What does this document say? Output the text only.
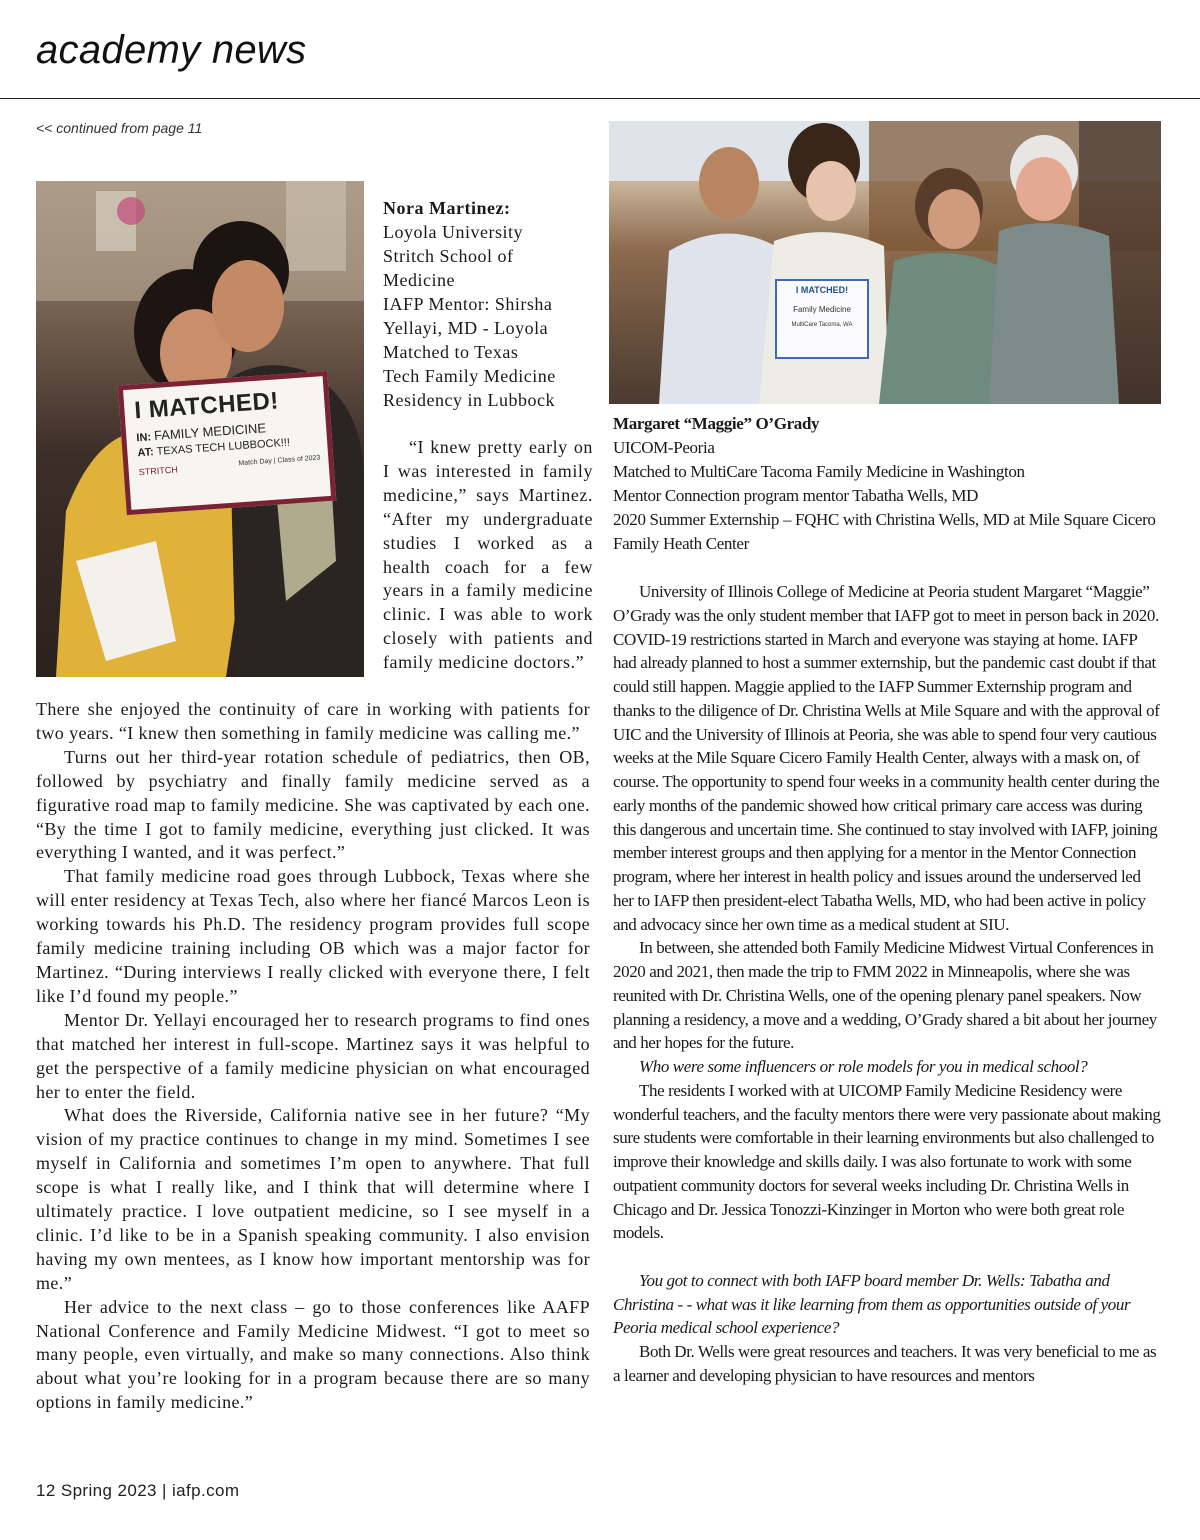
academy news
<< continued from page 11
I MATCHED!
IN: FAMILY MEDICINE
AT: TEXAS TECH LUBBOCK!!!
STRITCH
Match Day | Class of 2023
Nora Martinez:
Loyola University
Stritch School of
Medicine
IAFP Mentor: Shirsha
Yellayi, MD - Loyola
Matched to Texas
Tech Family Medicine
Residency in Lubbock

“I knew pretty early on I was interested in family medicine,” says Martinez. “After my undergraduate studies I worked as a health coach for a few years in a family medicine clinic. I was able to work closely with patients and family medicine doctors.”

There she enjoyed the continuity of care in working with patients for two years. “I knew then something in family medicine was calling me.”

Turns out her third-year rotation schedule of pediatrics, then OB, followed by psychiatry and finally family medicine served as a figurative road map to family medicine. She was captivated by each one. “By the time I got to family medicine, everything just clicked. It was everything I wanted, and it was perfect.”

That family medicine road goes through Lubbock, Texas where she will enter residency at Texas Tech, also where her fiancé Marcos Leon is working towards his Ph.D. The residency program provides full scope family medicine training including OB which was a major factor for Martinez. “During interviews I really clicked with everyone there, I felt like I’d found my people.”

Mentor Dr. Yellayi encouraged her to research programs to find ones that matched her interest in full-scope. Martinez says it was helpful to get the perspective of a family medicine physician on what encouraged her to enter the field.

What does the Riverside, California native see in her future? “My vision of my practice continues to change in my mind. Sometimes I see myself in California and sometimes I’m open to anywhere. That full scope is what I really like, and I think that will determine where I ultimately practice. I love outpatient medicine, so I see myself in a clinic. I’d like to be in a Spanish speaking community. I also envision having my own mentees, as I know how important mentorship was for me.”

Her advice to the next class – go to those conferences like AAFP National Conference and Family Medicine Midwest. “I got to meet so many people, even virtually, and make so many connections. Also think about what you’re looking for in a program because there are so many options in family medicine.”

I MATCHED!
Family Medicine
MultiCare Tacoma, WA
Margaret “Maggie” O’Grady
UICOM-Peoria
Matched to MultiCare Tacoma Family Medicine in Washington
Mentor Connection program mentor Tabatha Wells, MD
2020 Summer Externship – FQHC with Christina Wells, MD at Mile Square Cicero Family Heath Center

University of Illinois College of Medicine at Peoria student Margaret “Maggie” O’Grady was the only student member that IAFP got to meet in person back in 2020. COVID-19 restrictions started in March and everyone was staying at home. IAFP had already planned to host a summer externship, but the pandemic cast doubt if that could still happen. Maggie applied to the IAFP Summer Externship program and thanks to the diligence of Dr. Christina Wells at Mile Square and with the approval of UIC and the University of Illinois at Peoria, she was able to spend four very cautious weeks at the Mile Square Cicero Family Health Center, always with a mask on, of course. The opportunity to spend four weeks in a community health center during the early months of the pandemic showed how critical primary care access was during this dangerous and uncertain time. She continued to stay involved with IAFP, joining member interest groups and then applying for a mentor in the Mentor Connection program, where her interest in health policy and issues around the underserved led her to IAFP then president-elect Tabatha Wells, MD, who had been active in policy and advocacy since her own time as a medical student at SIU.

In between, she attended both Family Medicine Midwest Virtual Conferences in 2020 and 2021, then made the trip to FMM 2022 in Minneapolis, where she was reunited with Dr. Christina Wells, one of the opening plenary panel speakers. Now planning a residency, a move and a wedding, O’Grady shared a bit about her journey and her hopes for the future.

Who were some influencers or role models for you in medical school?

The residents I worked with at UICOMP Family Medicine Residency were wonderful teachers, and the faculty mentors there were very passionate about making sure students were comfortable in their learning environments but also challenged to improve their knowledge and skills daily. I was also fortunate to work with some outpatient community doctors for several weeks including Dr. Christina Wells in Chicago and Dr. Jessica Tonozzi-Kinzinger in Morton who were both great role models.

You got to connect with both IAFP board member Dr. Wells: Tabatha and Christina - - what was it like learning from them as opportunities outside of your Peoria medical school experience?

Both Dr. Wells were great resources and teachers. It was very beneficial to me as a learner and developing physician to have resources and mentors

12 Spring 2023 | iafp.com
